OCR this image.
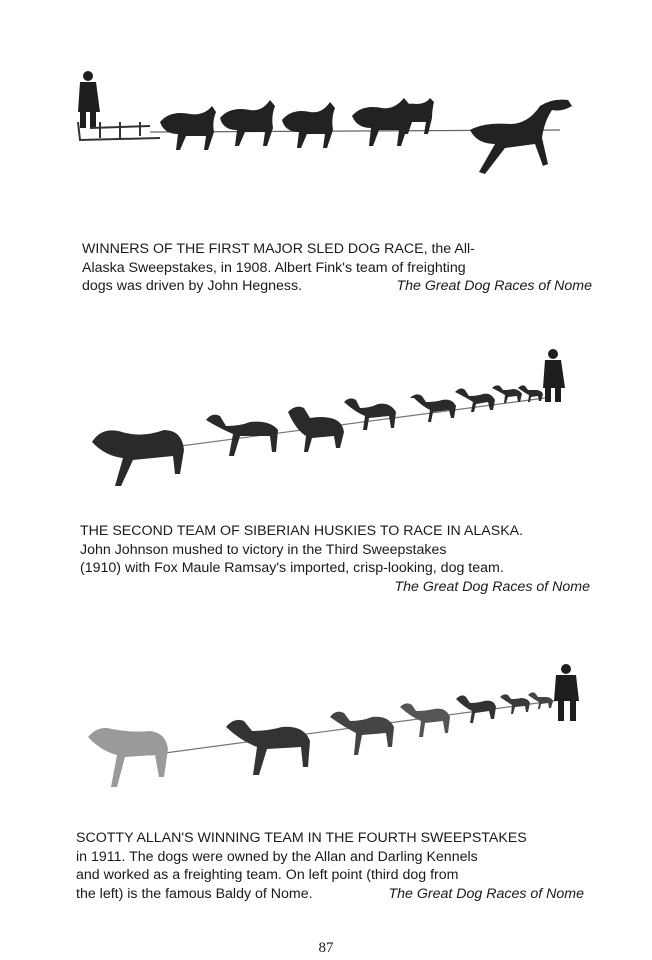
WINNERS OF THE FIRST MAJOR SLED DOG RACE, the All-
Alaska Sweepstakes, in 1908. Albert Fink's team of freighting
dogs was driven by John Hegness.	The Great Dog Races of Nome
THE SECOND TEAM OF SIBERIAN HUSKIES TO RACE IN ALASKA.
John Johnson mushed to victory in the Third Sweepstakes
(1910) with Fox Maule Ramsay's imported, crisp-looking, dog team.
The Great Dog Races of Nome
SCOTTY ALLAN'S WINNING TEAM IN THE FOURTH SWEEPSTAKES
in 1911. The dogs were owned by the Allan and Darling Kennels
and worked as a freighting team. On left point (third dog from
the left) is the famous Baldy of Nome.	The Great Dog Races of Nome
87
